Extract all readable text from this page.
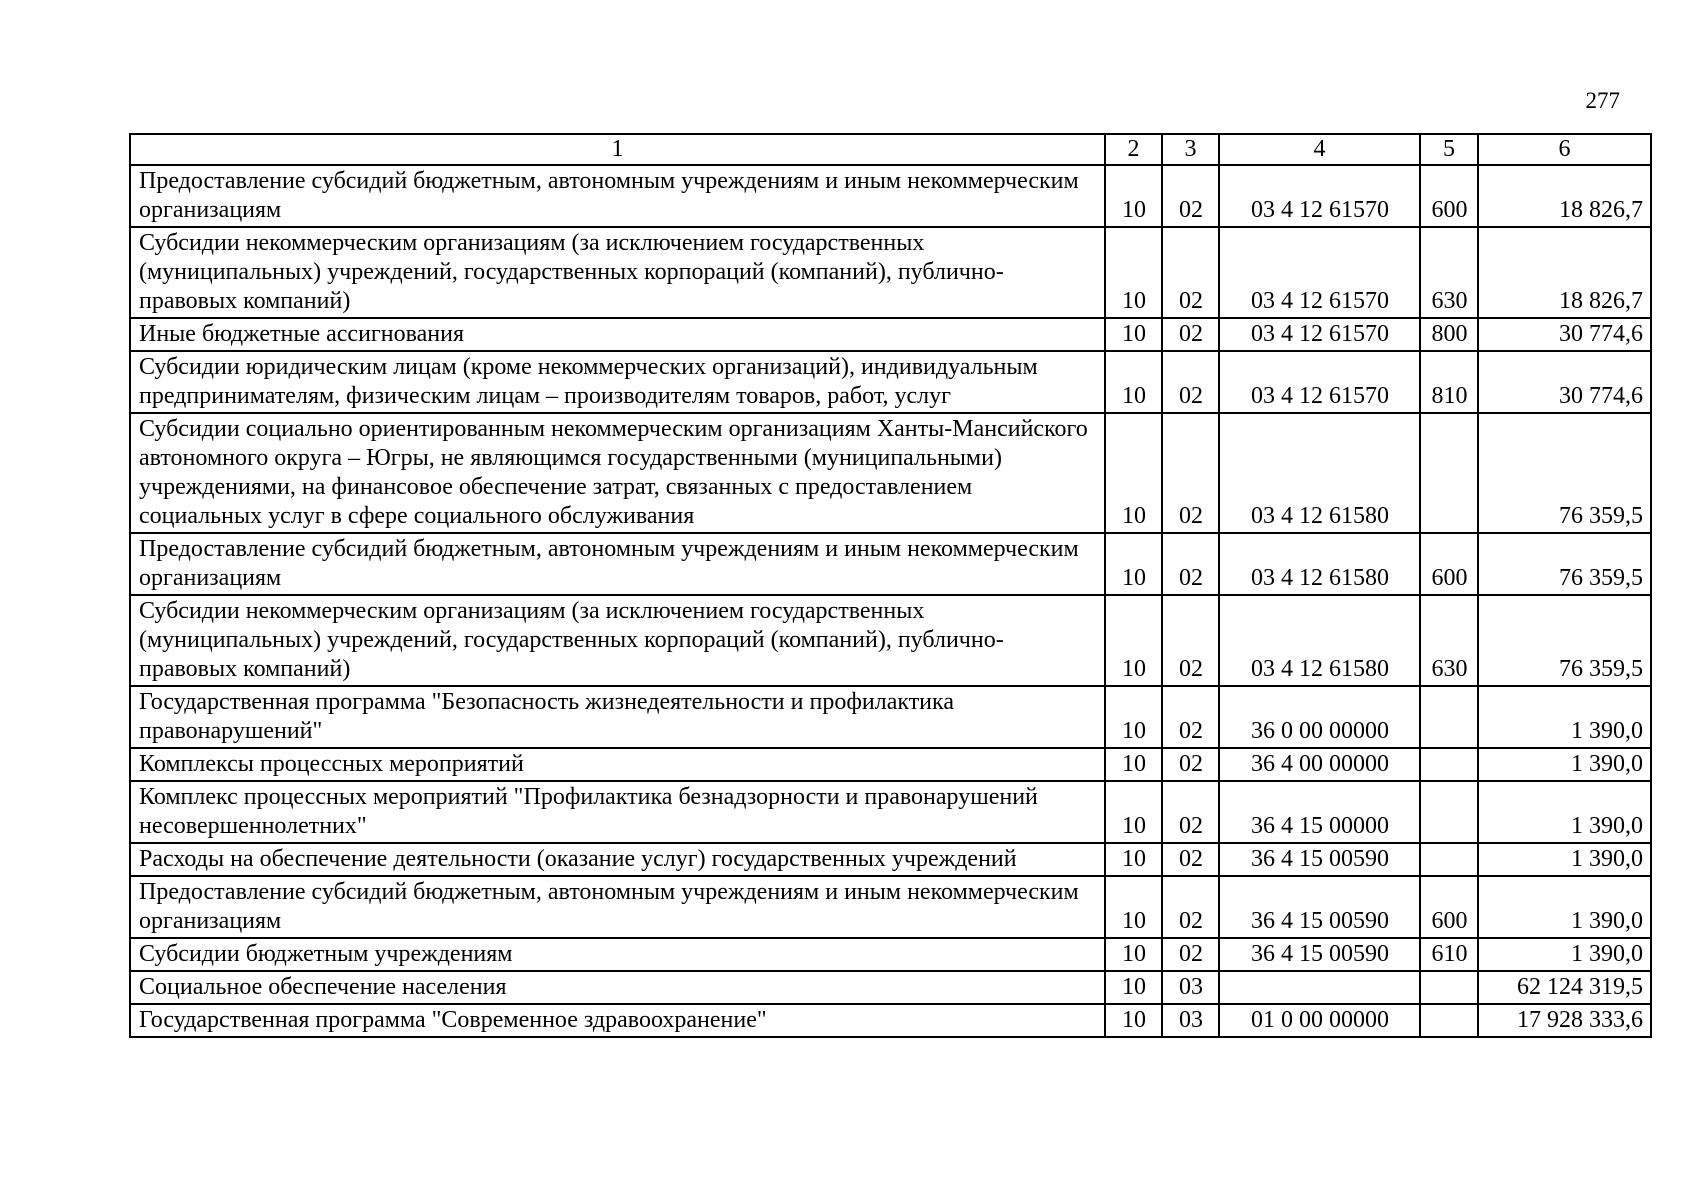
277
1	2	3	4	5	6
Предоставление субсидий бюджетным, автономным учреждениям и иным некоммерческим организациям	10	02	03 4 12 61570	600	18 826,7
Субсидии некоммерческим организациям (за исключением государственных (муниципальных) учреждений, государственных корпораций (компаний), публично-правовых компаний)	10	02	03 4 12 61570	630	18 826,7
Иные бюджетные ассигнования	10	02	03 4 12 61570	800	30 774,6
Субсидии юридическим лицам (кроме некоммерческих организаций), индивидуальным предпринимателям, физическим лицам – производителям товаров, работ, услуг	10	02	03 4 12 61570	810	30 774,6
Субсидии социально ориентированным некоммерческим организациям Ханты-Мансийского автономного округа – Югры, не являющимся государственными (муниципальными) учреждениями, на финансовое обеспечение затрат, связанных с предоставлением социальных услуг в сфере социального обслуживания	10	02	03 4 12 61580		76 359,5
Предоставление субсидий бюджетным, автономным учреждениям и иным некоммерческим организациям	10	02	03 4 12 61580	600	76 359,5
Субсидии некоммерческим организациям (за исключением государственных (муниципальных) учреждений, государственных корпораций (компаний), публично-правовых компаний)	10	02	03 4 12 61580	630	76 359,5
Государственная программа "Безопасность жизнедеятельности и профилактика правонарушений"	10	02	36 0 00 00000		1 390,0
Комплексы процессных мероприятий	10	02	36 4 00 00000		1 390,0
Комплекс процессных мероприятий "Профилактика безнадзорности и правонарушений несовершеннолетних"	10	02	36 4 15 00000		1 390,0
Расходы на обеспечение деятельности (оказание услуг) государственных учреждений	10	02	36 4 15 00590		1 390,0
Предоставление субсидий бюджетным, автономным учреждениям и иным некоммерческим организациям	10	02	36 4 15 00590	600	1 390,0
Субсидии бюджетным учреждениям	10	02	36 4 15 00590	610	1 390,0
Социальное обеспечение населения	10	03			62 124 319,5
Государственная программа "Современное здравоохранение"	10	03	01 0 00 00000		17 928 333,6
